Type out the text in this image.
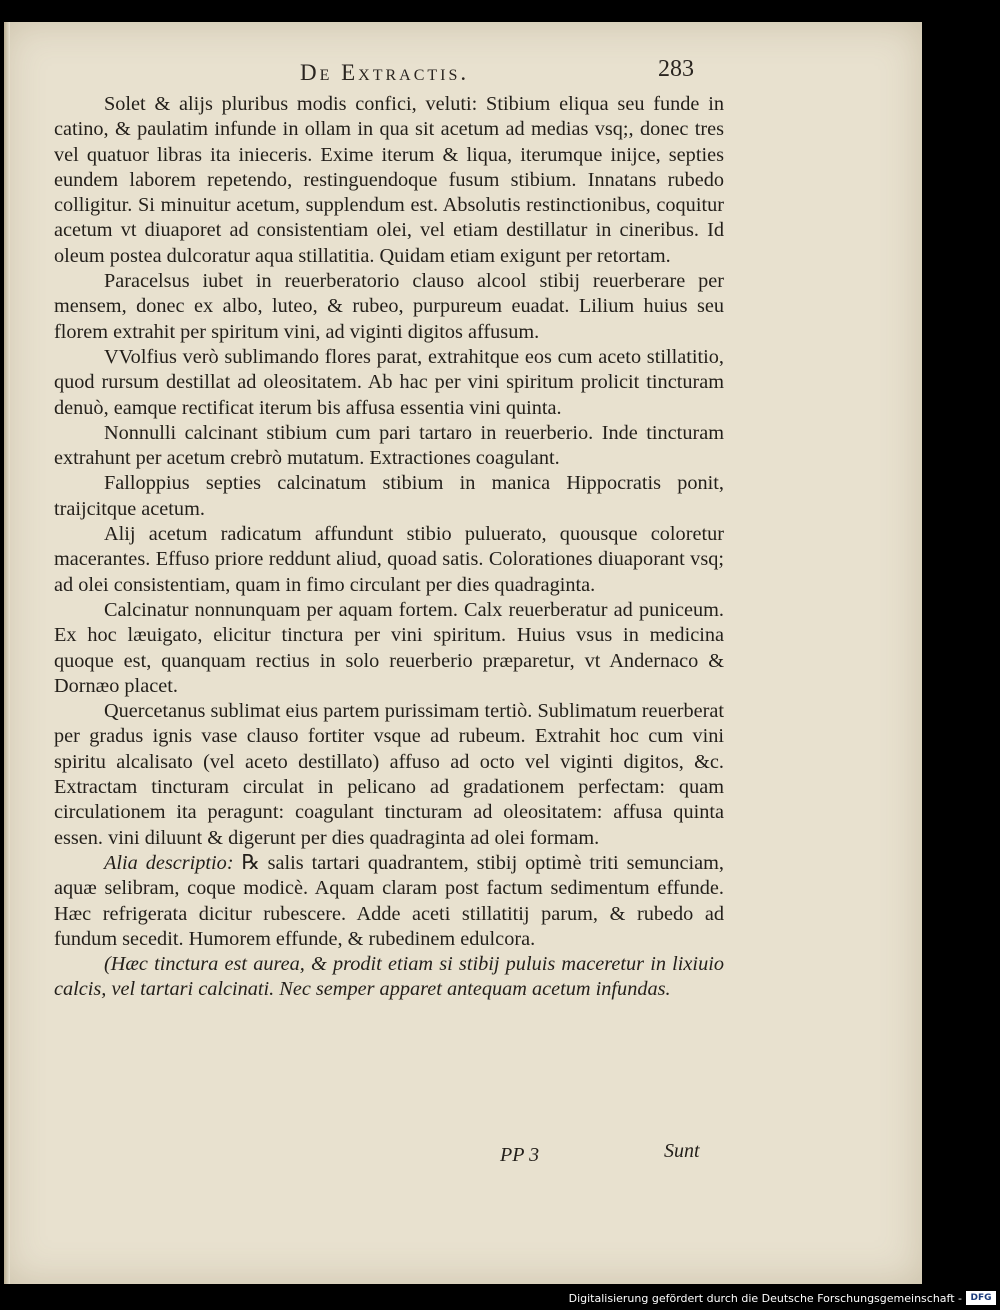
De Extractis.	283

Solet & alijs pluribus modis confici, veluti: Stibium eliqua seu funde in catino, & paulatim infunde in ollam in qua sit acetum ad medias vsq;, donec tres vel quatuor libras ita inieceris. Exime iterum & liqua, iterumque inijce, septies eundem laborem repetendo, restinguendoque fusum stibium. Innatans rubedo colligitur. Si minuitur acetum, supplendum est. Absolutis restinctionibus, coquitur acetum vt diuaporet ad consistentiam olei, vel etiam destillatur in cineribus. Id oleum postea dulcoratur aqua stillatitia. Quidam etiam exigunt per retortam.

Paracelsus iubet in reuerberatorio clauso alcool stibij reuerberare per mensem, donec ex albo, luteo, & rubeo, purpureum euadat. Lilium huius seu florem extrahit per spiritum vini, ad viginti digitos affusum.

VVolfius verò sublimando flores parat, extrahitque eos cum aceto stillatitio, quod rursum destillat ad oleositatem. Ab hac per vini spiritum prolicit tincturam denuò, eamque rectificat iterum bis affusa essentia vini quinta.

Nonnulli calcinant stibium cum pari tartaro in reuerberio. Inde tincturam extrahunt per acetum crebrò mutatum. Extractiones coagulant.

Falloppius septies calcinatum stibium in manica Hippocratis ponit, traijcitque acetum.

Alij acetum radicatum affundunt stibio puluerato, quousque coloretur macerantes. Effuso priore reddunt aliud, quoad satis. Colorationes diuaporant vsq; ad olei consistentiam, quam in fimo circulant per dies quadraginta.

Calcinatur nonnunquam per aquam fortem. Calx reuerberatur ad puniceum. Ex hoc læuigato, elicitur tinctura per vini spiritum. Huius vsus in medicina quoque est, quanquam rectius in solo reuerberio præparetur, vt Andernaco & Dornæo placet.

Quercetanus sublimat eius partem purissimam tertiò. Sublimatum reuerberat per gradus ignis vase clauso fortiter vsque ad rubeum. Extrahit hoc cum vini spiritu alcalisato (vel aceto destillato) affuso ad octo vel viginti digitos, &c. Extractam tincturam circulat in pelicano ad gradationem perfectam: quam circulationem ita peragunt: coagulant tincturam ad oleositatem: affusa quinta essen. vini diluunt & digerunt per dies quadraginta ad olei formam.

Alia descriptio: ℞ salis tartari quadrantem, stibij optimè triti semunciam, aquæ selibram, coque modicè. Aquam claram post factum sedimentum effunde. Hæc refrigerata dicitur rubescere. Adde aceti stillatitij parum, & rubedo ad fundum secedit. Humorem effunde, & rubedinem edulcora.

(Hæc tinctura est aurea, & prodit etiam si stibij puluis maceretur in lixiuio calcis, vel tartari calcinati. Nec semper apparet antequam acetum infundas.

PP 3	Sunt
Digitalisierung gefördert durch die Deutsche Forschungsgemeinschaft - DFG
